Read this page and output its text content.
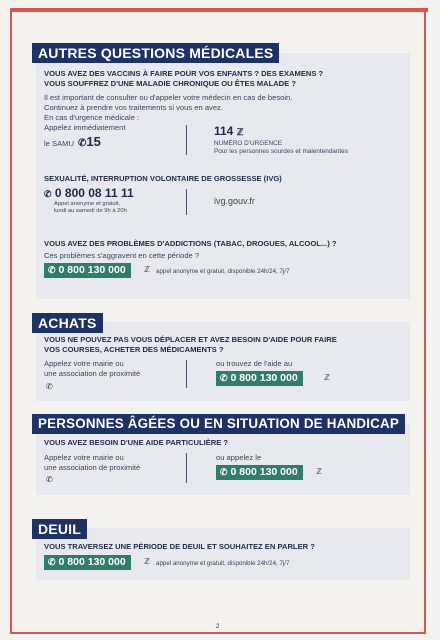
AUTRES QUESTIONS MÉDICALES
VOUS AVEZ DES VACCINS À FAIRE POUR VOS ENFANTS ? DES EXAMENS ?
VOUS SOUFFREZ D'UNE MALADIE CHRONIQUE OU ÊTES MALADE ?
Il est important de consulter ou d'appeler votre médecin en cas de besoin.
Continuez à prendre vos traitements si vous en avez.
En cas d'urgence médicale :
Appelez immédiatement
le SAMU ✆15
114 ℤ
NUMÉRO D'URGENCE
Pour les personnes sourdes et malentendantes
SEXUALITÉ, INTERRUPTION VOLONTAIRE DE GROSSESSE (IVG)
✆ 0 800 08 11 11
Appel anonyme et gratuit,
lundi au samedi de 9h à 20h
ivg.gouv.fr
VOUS AVEZ DES PROBLÈMES D'ADDICTIONS (TABAC, DROGUES, ALCOOL...) ?
Ces problèmes s'aggravent en cette période ?
✆ 0 800 130 000	ℤ appel anonyme et gratuit, disponible 24h/24, 7j/7
ACHATS
VOUS NE POUVEZ PAS VOUS DÉPLACER ET AVEZ BESOIN D'AIDE POUR FAIRE
VOS COURSES, ACHETER DES MÉDICAMENTS ?
Appelez votre mairie ou
une association de proximité
✆
ou trouvez de l'aide au
✆ 0 800 130 000	ℤ
PERSONNES ÂGÉES OU EN SITUATION DE HANDICAP
VOUS AVEZ BESOIN D'UNE AIDE PARTICULIÈRE ?
Appelez votre mairie ou
une association de proximité
✆
ou appelez le
✆ 0 800 130 000	ℤ
DEUIL
VOUS TRAVERSEZ UNE PÉRIODE DE DEUIL ET SOUHAITEZ EN PARLER ?
✆ 0 800 130 000	ℤ appel anonyme et gratuit, disponible 24h/24, 7j/7
2
